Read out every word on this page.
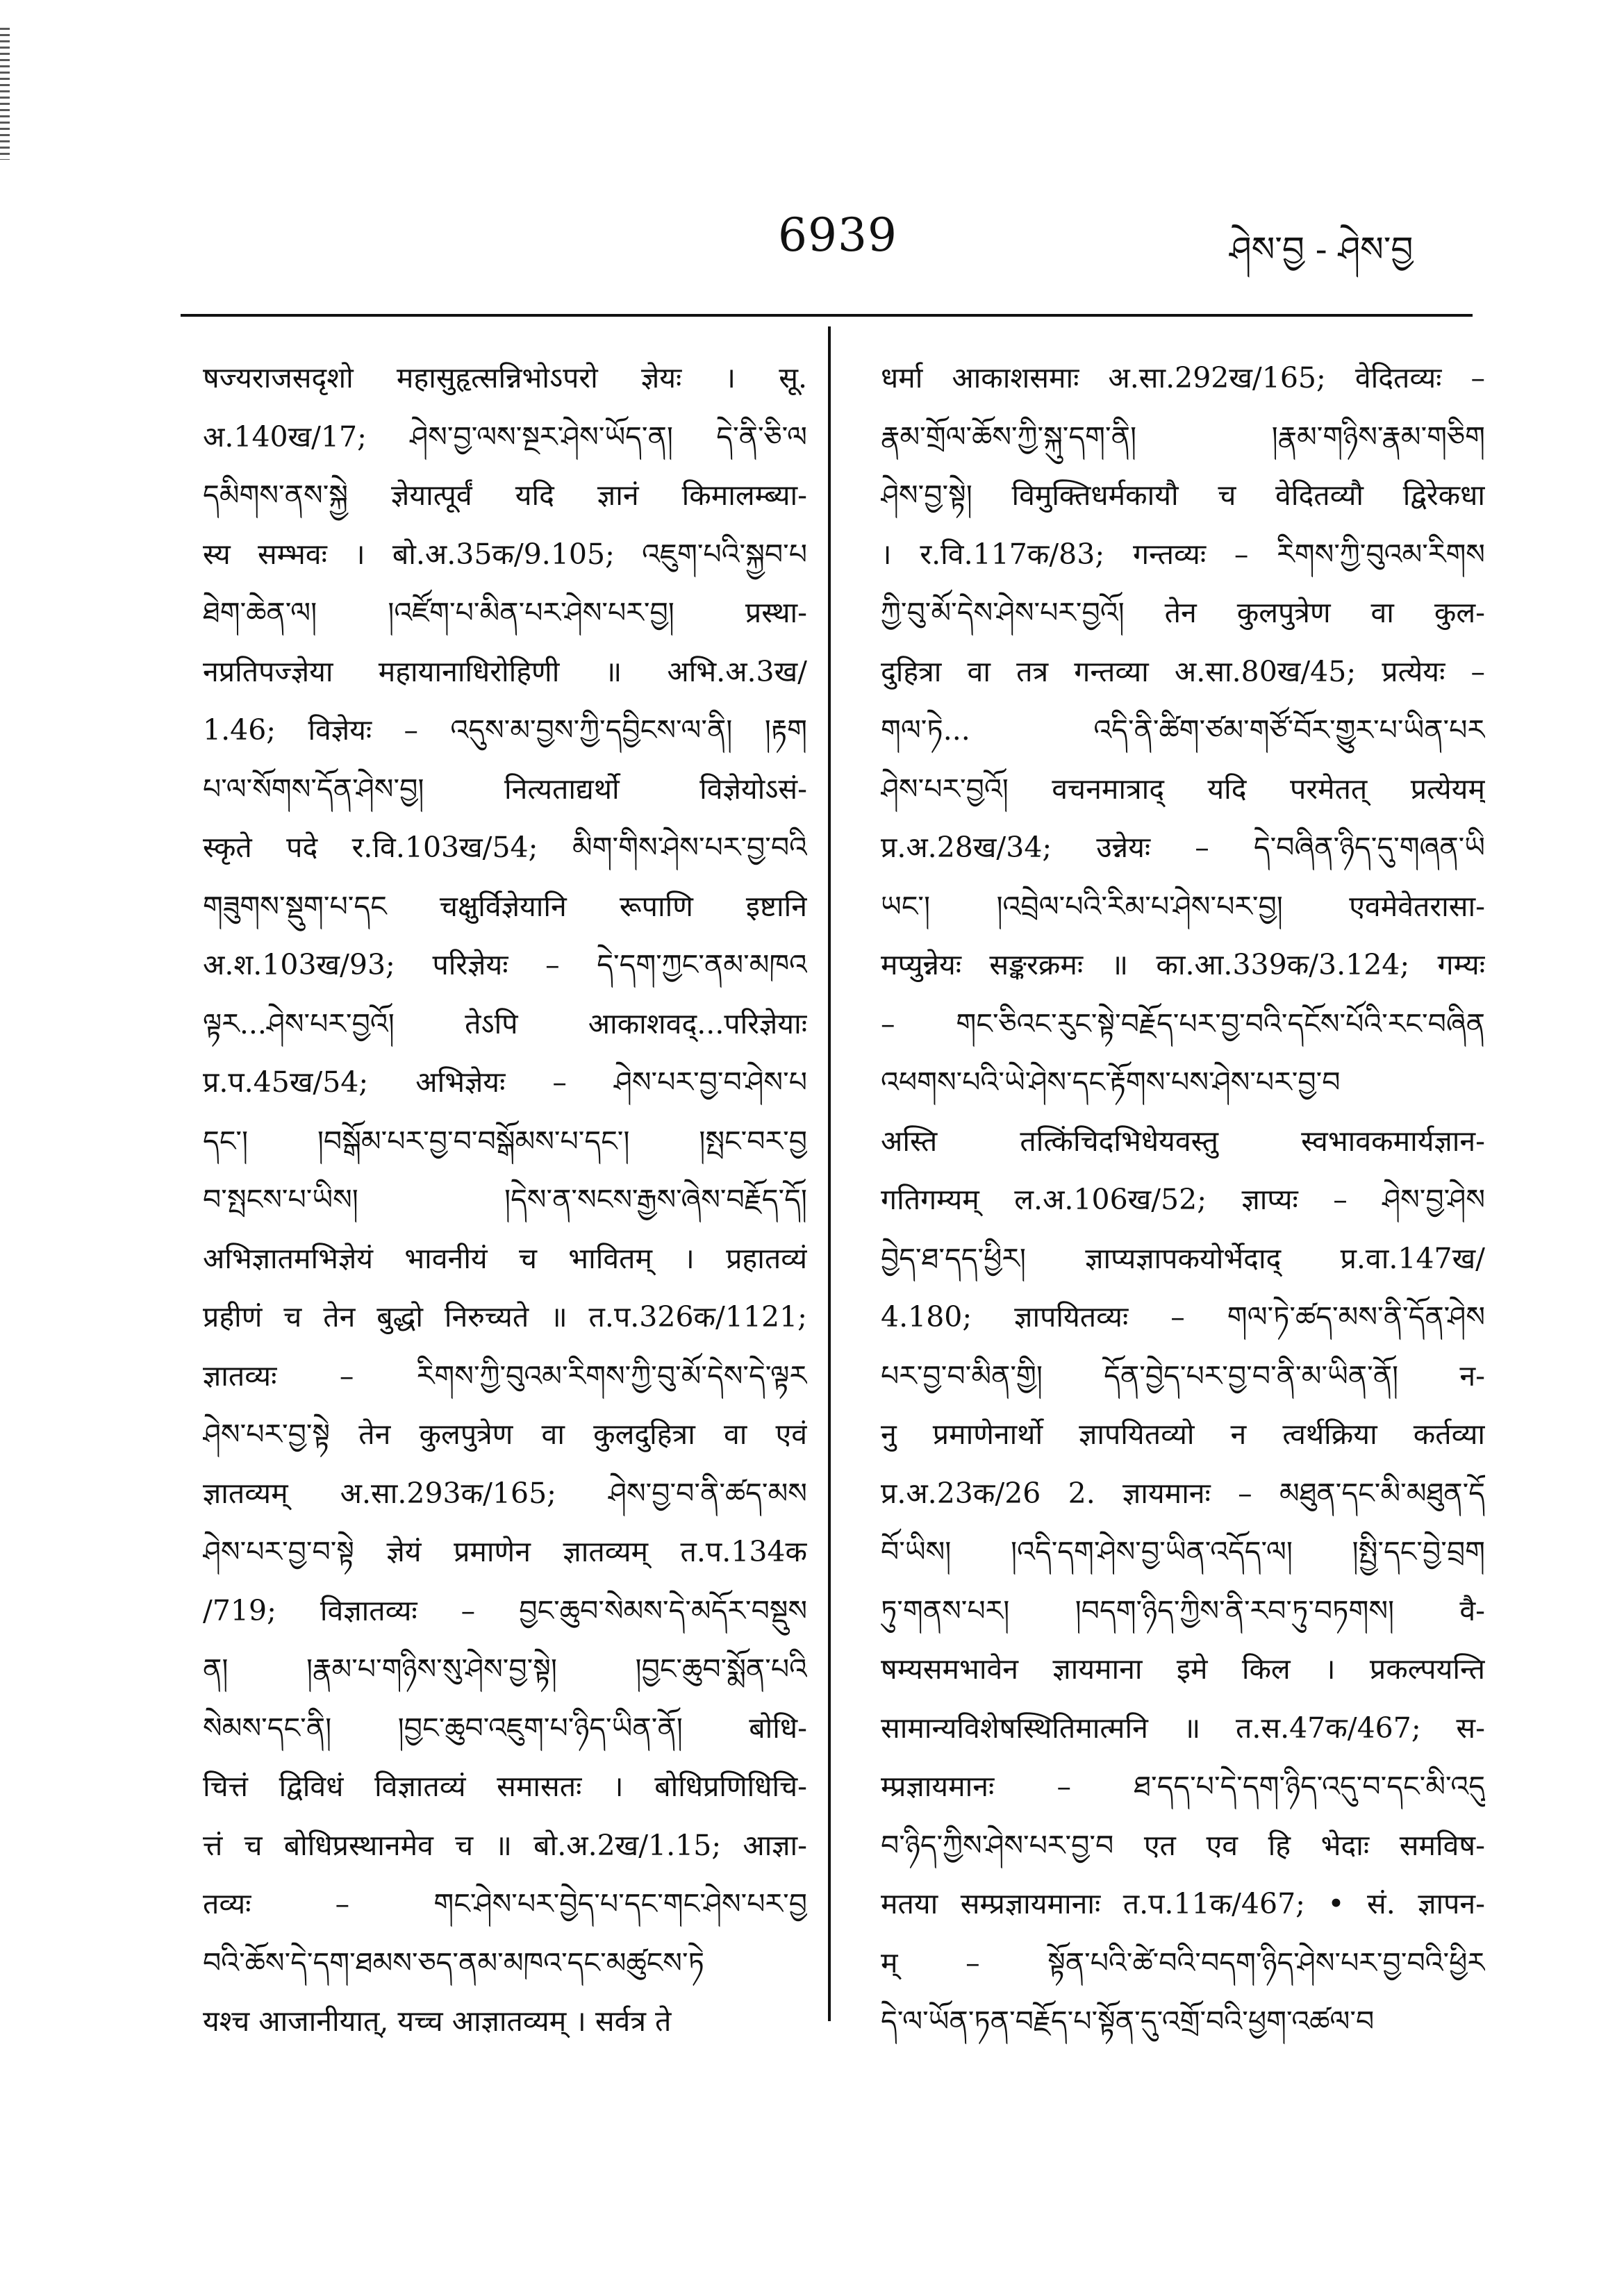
6939	ཤེས་བྱ - ཤེས་བྱ
षज्यराजसदृशो महासुहृत्सन्निभोऽपरो ज्ञेयः । सू.
अ.140ख/17; ཤེས་བྱ་ལས་སྔར་ཤེས་ཡོད་ན། དེ་ནི་ཅི་ལ
དམིགས་ནས་སྐྱེ ज्ञेयात्पूर्वं यदि ज्ञानं किमालम्ब्या-
स्य सम्भवः । बो.अ.35क/9.105; འཇུག་པའི་སྐྱབ་པ
ཐེག་ཆེན་ལ། །འཛོག་པ་མིན་པར་ཤེས་པར་བྱ། प्रस्था-
नप्रतिपज्ज्ञेया महायानाधिरोहिणी ॥ अभि.अ.3ख/
1.46; विज्ञेयः – འདུས་མ་བྱས་ཀྱི་དབྱིངས་ལ་ནི། །རྟག
པ་ལ་སོགས་དོན་ཤེས་བྱ། नित्यताद्यर्थो विज्ञेयोऽसं-
स्कृते पदे र.वि.103ख/54; མིག་གིས་ཤེས་པར་བྱ་བའི
གཟུགས་སྡུག་པ་དང चक्षुर्विज्ञेयानि रूपाणि इष्टानि
अ.श.103ख/93; परिज्ञेयः – དེ་དག་ཀྱང་ནམ་མཁའ
ལྟར...ཤེས་པར་བྱའོ། तेऽपि आकाशवद्...परिज्ञेयाः
प्र.प.45ख/54; अभिज्ञेयः – ཤེས་པར་བྱ་བ་ཤེས་པ
དང་། །བསྒོམ་པར་བྱ་བ་བསྒོམས་པ་དང་། །སྤང་བར་བྱ
བ་སྤངས་པ་ཡིས། །དེས་ན་སངས་རྒྱས་ཞེས་བརྗོད་དོ།
अभिज्ञातमभिज्ञेयं भावनीयं च भावितम् । प्रहातव्यं
प्रहीणं च तेन बुद्धो निरुच्यते ॥ त.प.326क/1121;
ज्ञातव्यः – རིགས་ཀྱི་བུའམ་རིགས་ཀྱི་བུ་མོ་དེས་དེ་ལྟར
ཤེས་པར་བྱ་སྟེ तेन कुलपुत्रेण वा कुलदुहित्रा वा एवं
ज्ञातव्यम् अ.सा.293क/165; ཤེས་བྱ་བ་ནི་ཚད་མས
ཤེས་པར་བྱ་བ་སྟེ ज्ञेयं प्रमाणेन ज्ञातव्यम् त.प.134क
/719; विज्ञातव्यः – བྱང་ཆུབ་སེམས་དེ་མདོར་བསྡུས
ན། །རྣམ་པ་གཉིས་སུ་ཤེས་བྱ་སྟེ། །བྱང་ཆུབ་སྨོན་པའི
སེམས་དང་ནི། །བྱང་ཆུབ་འཇུག་པ་ཉིད་ཡིན་ནོ། बोधि-
चित्तं द्विविधं विज्ञातव्यं समासतः । बोधिप्रणिधिचि-
त्तं च बोधिप्रस्थानमेव च ॥ बो.अ.2ख/1.15; आज्ञा-
तव्यः – གང་ཤེས་པར་བྱེད་པ་དང་གང་ཤེས་པར་བྱ
བའི་ཆོས་དེ་དག་ཐམས་ཅད་ནམ་མཁའ་དང་མཚུངས་ཏེ
यश्च आजानीयात्, यच्च आज्ञातव्यम् । सर्वत्र ते
धर्मा आकाशसमाः अ.सा.292ख/165; वेदितव्यः –
རྣམ་གྲོལ་ཆོས་ཀྱི་སྐུ་དག་ནི། །རྣམ་གཉིས་རྣམ་གཅིག
ཤེས་བྱ་སྟེ། विमुक्तिधर्मकायौ च वेदितव्यौ द्विरेकधा
। र.वि.117क/83; गन्तव्यः – རིགས་ཀྱི་བུའམ་རིགས
ཀྱི་བུ་མོ་དེས་ཤེས་པར་བྱའོ། तेन कुलपुत्रेण वा कुल-
दुहित्रा वा तत्र गन्तव्या अ.सा.80ख/45; प्रत्येयः –
གལ་ཏེ... འདི་ནི་ཚིག་ཙམ་གཙོ་བོར་གྱུར་པ་ཡིན་པར
ཤེས་པར་བྱའོ། वचनमात्राद् यदि परमेतत् प्रत्येयम्
प्र.अ.28ख/34; उन्नेयः – དེ་བཞིན་ཉིད་དུ་གཞན་ཡི
ཡང་། །འབྲེལ་པའི་རིམ་པ་ཤེས་པར་བྱ། एवमेवेतरासा-
मप्युन्नेयः सङ्करक्रमः ॥ का.आ.339क/3.124; गम्यः
– གང་ཅིའང་རུང་སྟེ་བརྗོད་པར་བྱ་བའི་དངོས་པོའི་རང་བཞིན
འཕགས་པའི་ཡེ་ཤེས་དང་རྟོགས་པས་ཤེས་པར་བྱ་བ
अस्ति तत्किंचिदभिधेयवस्तु स्वभावकमार्यज्ञान-
गतिगम्यम् ल.अ.106ख/52; ज्ञाप्यः – ཤེས་བྱ་ཤེས
བྱེད་ཐ་དད་ཕྱིར། ज्ञाप्यज्ञापकयोर्भेदाद् प्र.वा.147ख/
4.180; ज्ञापयितव्यः – གལ་ཏེ་ཚད་མས་ནི་དོན་ཤེས
པར་བྱ་བ་མིན་གྱི། དོན་བྱེད་པར་བྱ་བ་ནི་མ་ཡིན་ནོ། न-
नु प्रमाणेनार्थो ज्ञापयितव्यो न त्वर्थक्रिया कर्तव्या
प्र.अ.23क/26 2. ज्ञायमानः – མཐུན་དང་མི་མཐུན་དོ
བོ་ཡིས། །འདི་དག་ཤེས་བྱ་ཡིན་འདོད་ལ། །སྤྱི་དང་བྱེ་བྲག
ཏུ་གནས་པར། །བདག་ཉིད་ཀྱིས་ནི་རབ་ཏུ་བཏགས། वै-
षम्यसमभावेन ज्ञायमाना इमे किल । प्रकल्पयन्ति
सामान्यविशेषस्थितिमात्मनि ॥ त.स.47क/467; स-
म्प्रज्ञायमानः – ཐ་དད་པ་དེ་དག་ཉིད་འདུ་བ་དང་མི་འདུ
བ་ཉིད་ཀྱིས་ཤེས་པར་བྱ་བ एत एव हि भेदाः समविष-
मतया सम्प्रज्ञायमानाः त.प.11क/467; • सं. ज्ञापन-
म् – སྟོན་པའི་ཚེ་བའི་བདག་ཉིད་ཤེས་པར་བྱ་བའི་ཕྱིར
དེ་ལ་ཡོན་ཏན་བརྗོད་པ་སྟོན་དུ་འགྲོ་བའི་ཕྱག་འཚལ་བ
